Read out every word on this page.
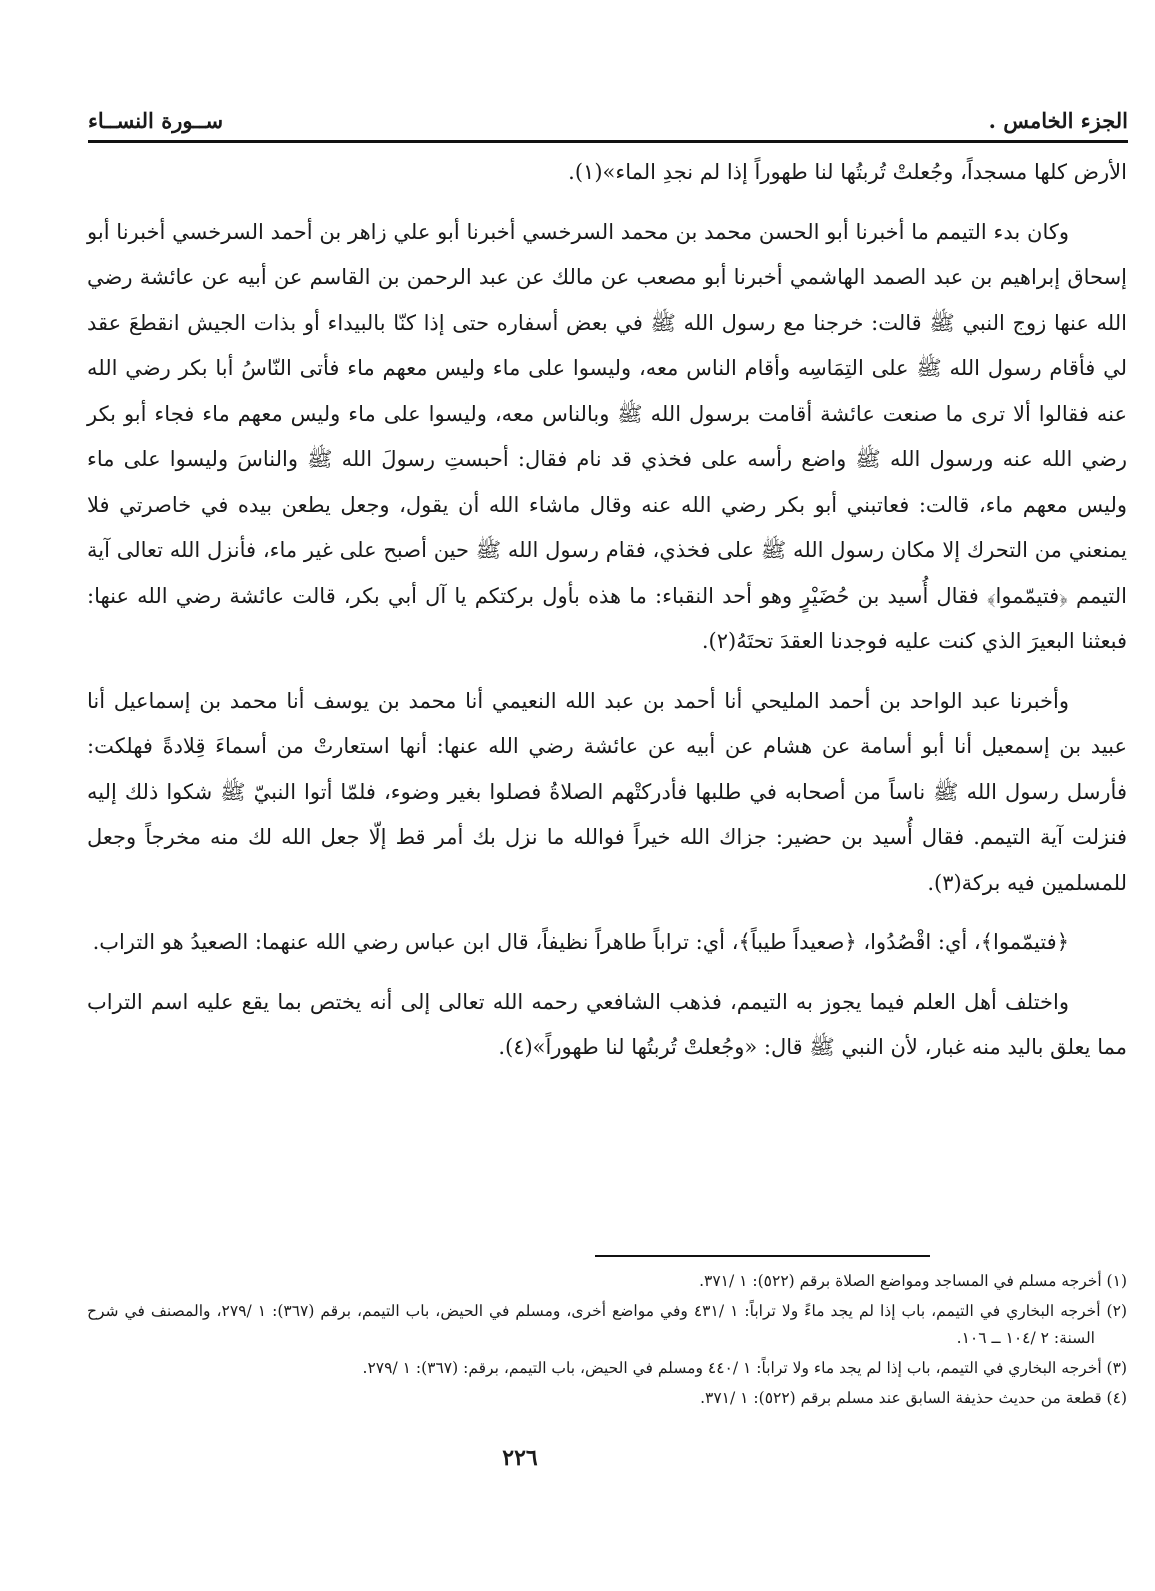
الجزء الخامس .
ســورة النســاء

الأرض كلها مسجداً، وجُعلتْ تُربتُها لنا طهوراً إذا لم نجدِ الماء»(١).

وكان بدء التيمم ما أخبرنا أبو الحسن محمد بن محمد السرخسي أخبرنا أبو علي زاهر بن أحمد السرخسي أخبرنا أبو إسحاق إبراهيم بن عبد الصمد الهاشمي أخبرنا أبو مصعب عن مالك عن عبد الرحمن بن القاسم عن أبيه عن عائشة رضي الله عنها زوج النبي ﷺ قالت: خرجنا مع رسول الله ﷺ في بعض أسفاره حتى إذا كنّا بالبيداء أو بذات الجيش انقطعَ عقد لي فأقام رسول الله ﷺ على التِمَاسِه وأقام الناس معه، وليسوا على ماء وليس معهم ماء فأتى النّاسُ أبا بكر رضي الله عنه فقالوا ألا ترى ما صنعت عائشة أقامت برسول الله ﷺ وبالناس معه، وليسوا على ماء وليس معهم ماء فجاء أبو بكر رضي الله عنه ورسول الله ﷺ واضع رأسه على فخذي قد نام فقال: أحبستِ رسولَ الله ﷺ والناسَ وليسوا على ماء وليس معهم ماء، قالت: فعاتبني أبو بكر رضي الله عنه وقال ماشاء الله أن يقول، وجعل يطعن بيده في خاصرتي فلا يمنعني من التحرك إلا مكان رسول الله ﷺ على فخذي، فقام رسول الله ﷺ حين أصبح على غير ماء، فأنزل الله تعالى آية التيمم ﴿فتيمّموا﴾ فقال أُسيد بن حُضَيْرٍ وهو أحد النقباء: ما هذه بأول بركتكم يا آل أبي بكر، قالت عائشة رضي الله عنها: فبعثنا البعيرَ الذي كنت عليه فوجدنا العقدَ تحتَهُ(٢).

وأخبرنا عبد الواحد بن أحمد المليحي أنا أحمد بن عبد الله النعيمي أنا محمد بن يوسف أنا محمد بن إسماعيل أنا عبيد بن إسمعيل أنا أبو أسامة عن هشام عن أبيه عن عائشة رضي الله عنها: أنها استعارتْ من أسماءَ قِلادةً فهلكت: فأرسل رسول الله ﷺ ناساً من أصحابه في طلبها فأدركتْهم الصلاةُ فصلوا بغير وضوء، فلمّا أتوا النبيّ ﷺ شكوا ذلك إليه فنزلت آية التيمم. فقال أُسيد بن حضير: جزاك الله خيراً فوالله ما نزل بك أمر قط إلّا جعل الله لك منه مخرجاً وجعل للمسلمين فيه بركة(٣).

﴿فتيمّموا﴾، أي: اقْصُدُوا، ﴿صعيداً طيباً﴾، أي: تراباً طاهراً نظيفاً، قال ابن عباس رضي الله عنهما: الصعيدُ هو التراب.

واختلف أهل العلم فيما يجوز به التيمم، فذهب الشافعي رحمه الله تعالى إلى أنه يختص بما يقع عليه اسم التراب مما يعلق باليد منه غبار، لأن النبي ﷺ قال: «وجُعلتْ تُربتُها لنا طهوراً»(٤).

(١) أخرجه مسلم في المساجد ومواضع الصلاة برقم (٥٢٢): ١ /٣٧١.

(٢) أخرجه البخاري في التيمم، باب إذا لم يجد ماءً ولا تراباً: ١ /٤٣١ وفي مواضع أخرى، ومسلم في الحيض، باب التيمم، برقم (٣٦٧): ١ /٢٧٩، والمصنف في شرح السنة: ٢ /١٠٤ ــ ١٠٦.

(٣) أخرجه البخاري في التيمم، باب إذا لم يجد ماء ولا تراباً: ١ /٤٤٠ ومسلم في الحيض، باب التيمم، برقم: (٣٦٧): ١ /٢٧٩.

(٤) قطعة من حديث حذيفة السابق عند مسلم برقم (٥٢٢): ١ /٣٧١.

٢٢٦
